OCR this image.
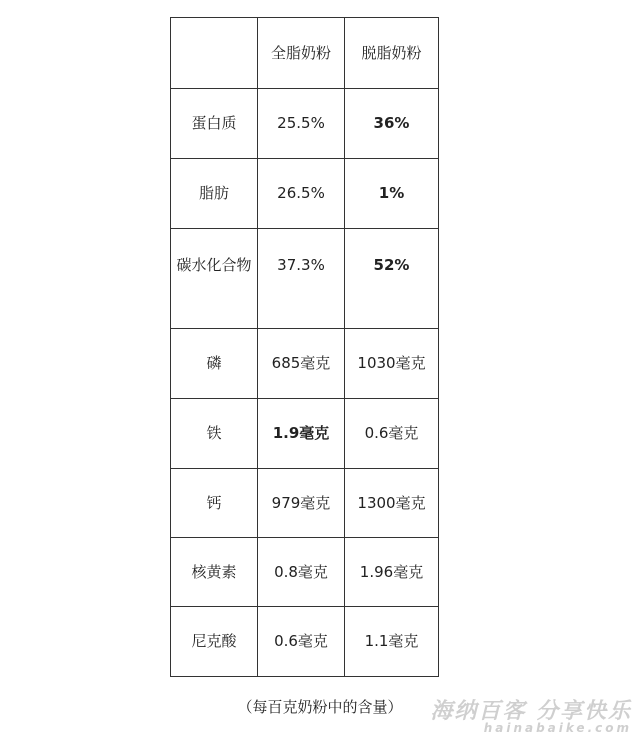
	全脂奶粉	脱脂奶粉
蛋白质	25.5%	36%
脂肪	26.5%	1%
碳水化合物	37.3%	52%
磷	685毫克	1030毫克
铁	1.9毫克	0.6毫克
钙	979毫克	1300毫克
核黄素	0.8毫克	1.96毫克
尼克酸	0.6毫克	1.1毫克
（每百克奶粉中的含量）	海纳百客 分享快乐
hainabaike.com
